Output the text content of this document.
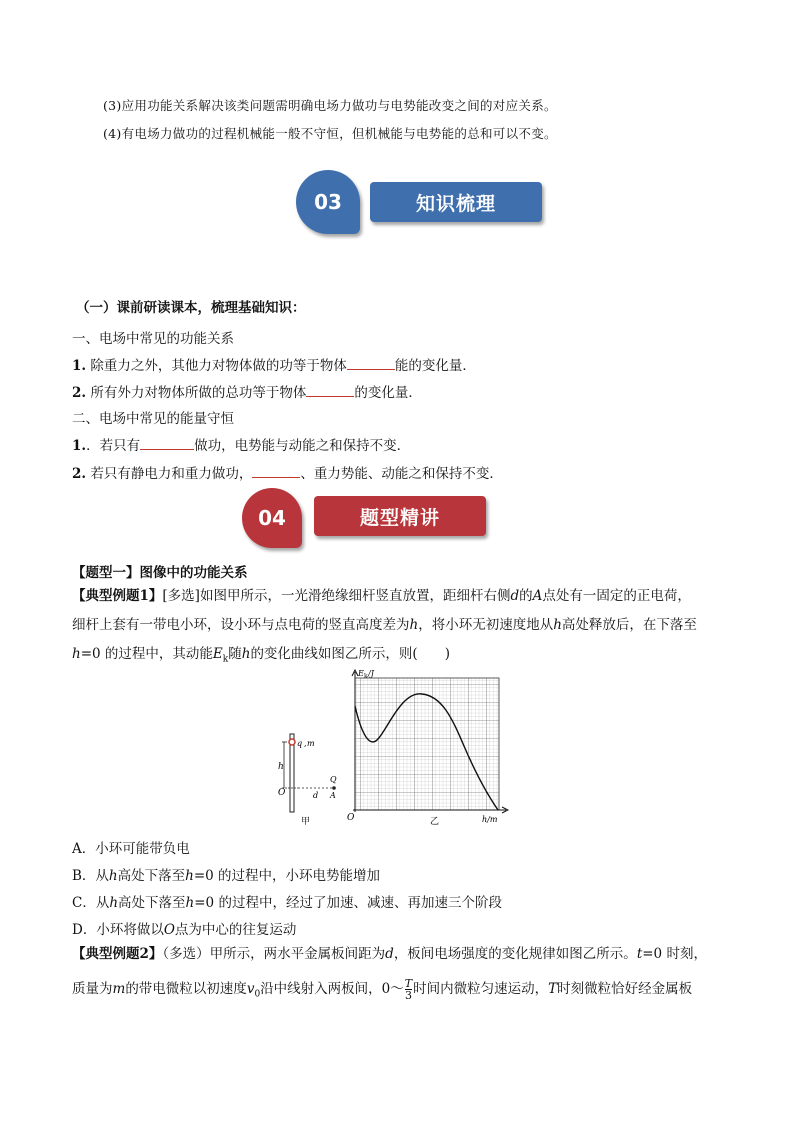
(3)应用功能关系解决该类问题需明确电场力做功与电势能改变之间的对应关系。
(4)有电场力做功的过程机械能一般不守恒，但机械能与电势能的总和可以不变。
知识梳理
03
（一）课前研读课本，梳理基础知识：
一、电场中常见的功能关系
1. 除重力之外，其他力对物体做的功等于物体	能的变化量．
2. 所有外力对物体所做的总功等于物体	的变化量．
二、电场中常见的能量守恒
1.．若只有	做功，电势能与动能之和保持不变．
2. 若只有静电力和重力做功，	、重力势能、动能之和保持不变．
题型精讲
04
【题型一】图像中的功能关系
【典型例题1】[多选]如图甲所示，一光滑绝缘细杆竖直放置，距细杆右侧d的A点处有一固定的正电荷，
细杆上套有一带电小环，设小环与点电荷的竖直高度差为h，将小环无初速度地从h高处释放后，在下落至
h=0 的过程中，其动能$E_k$随h的变化曲线如图乙所示，则(　　)
q , m
h
O	d
Q
A
甲
E k /J
O	h/m
乙
A．小环可能带负电
B．从h高处下落至h=0 的过程中，小环电势能增加
C．从h高处下落至h=0 的过程中，经过了加速、减速、再加速三个阶段
D．小环将做以O点为中心的往复运动
【典型例题2】（多选）甲所示，两水平金属板间距为d，板间电场强度的变化规律如图乙所示。t=0 时刻，
质量为m的带电微粒以初速度$v_0$沿中线射入两板间，0～ $\frac{T}{3}$ 时间内微粒匀速运动，T时刻微粒恰好经金属板
